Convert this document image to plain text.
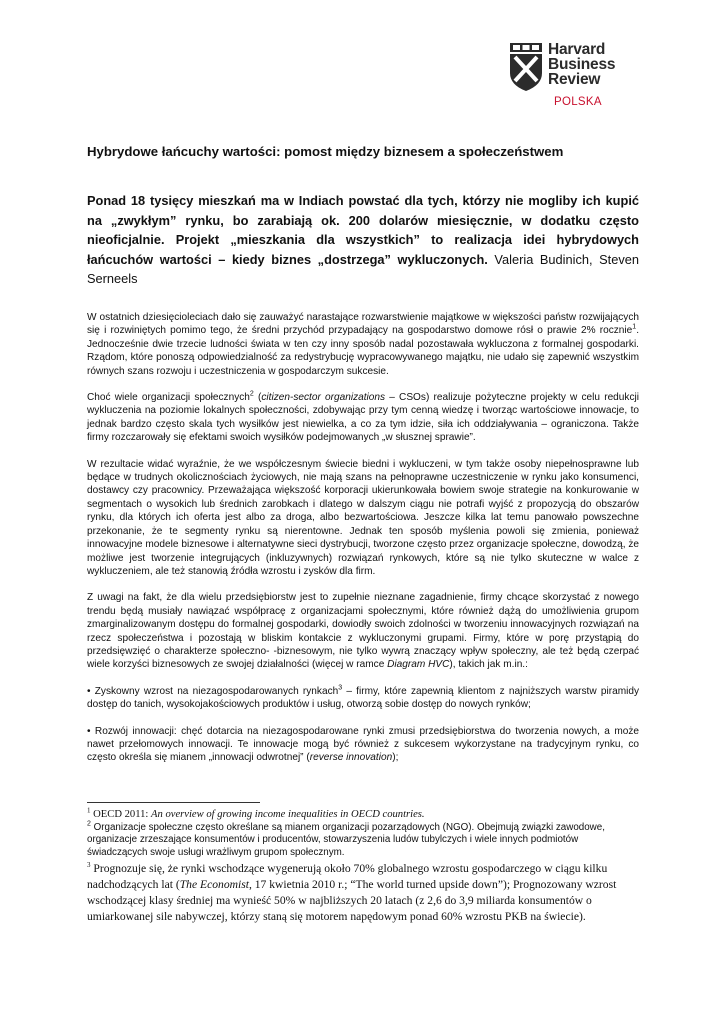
Harvard
Business
Review
POLSKA
Hybrydowe łańcuchy wartości: pomost między biznesem a społeczeństwem
Ponad 18 tysięcy mieszkań ma w Indiach powstać dla tych, którzy nie mogliby ich kupić na „zwykłym” rynku, bo zarabiają ok. 200 dolarów miesięcznie, w dodatku często nieoficjalnie. Projekt „mieszkania dla wszystkich” to realizacja idei hybrydowych łańcuchów wartości – kiedy biznes „dostrzega” wykluczonych. Valeria Budinich, Steven Serneels

W ostatnich dziesięcioleciach dało się zauważyć narastające rozwarstwienie majątkowe w większości państw rozwijających się i rozwiniętych pomimo tego, że średni przychód przypadający na gospodarstwo domowe rósł o prawie 2% rocznie$^1$. Jednocześnie dwie trzecie ludności świata w ten czy inny sposób nadal pozostawała wykluczona z formalnej gospodarki. Rządom, które ponoszą odpowiedzialność za redystrybucję wypracowywanego majątku, nie udało się zapewnić wszystkim równych szans rozwoju i uczestniczenia w gospodarczym sukcesie.

Choć wiele organizacji społecznych$^2$ (citizen-sector organizations – CSOs) realizuje pożyteczne projekty w celu redukcji wykluczenia na poziomie lokalnych społeczności, zdobywając przy tym cenną wiedzę i tworząc wartościowe innowacje, to jednak bardzo często skala tych wysiłków jest niewielka, a co za tym idzie, siła ich oddziaływania – ograniczona. Także firmy rozczarowały się efektami swoich wysiłków podejmowanych „w słusznej sprawie”.

W rezultacie widać wyraźnie, że we współczesnym świecie biedni i wykluczeni, w tym także osoby niepełnosprawne lub będące w trudnych okolicznościach życiowych, nie mają szans na pełnoprawne uczestniczenie w rynku jako konsumenci, dostawcy czy pracownicy. Przeważająca większość korporacji ukierunkowała bowiem swoje strategie na konkurowanie w segmentach o wysokich lub średnich zarobkach i dlatego w dalszym ciągu nie potrafi wyjść z propozycją do obszarów rynku, dla których ich oferta jest albo za droga, albo bezwartościowa. Jeszcze kilka lat temu panowało powszechne przekonanie, że te segmenty rynku są nierentowne. Jednak ten sposób myślenia powoli się zmienia, ponieważ innowacyjne modele biznesowe i alternatywne sieci dystrybucji, tworzone często przez organizacje społeczne, dowodzą, że możliwe jest tworzenie integrujących (inkluzywnych) rozwiązań rynkowych, które są nie tylko skuteczne w walce z wykluczeniem, ale też stanowią źródła wzrostu i zysków dla firm.

Z uwagi na fakt, że dla wielu przedsiębiorstw jest to zupełnie nieznane zagadnienie, firmy chcące skorzystać z nowego trendu będą musiały nawiązać współpracę z organizacjami społecznymi, które również dążą do umożliwienia grupom zmarginalizowanym dostępu do formalnej gospodarki, dowiodły swoich zdolności w tworzeniu innowacyjnych rozwiązań na rzecz społeczeństwa i pozostają w bliskim kontakcie z wykluczonymi grupami. Firmy, które w porę przystąpią do przedsięwzięć o charakterze społeczno- -biznesowym, nie tylko wywrą znaczący wpływ społeczny, ale też będą czerpać wiele korzyści biznesowych ze swojej działalności (więcej w ramce Diagram HVC), takich jak m.in.:

• Zyskowny wzrost na niezagospodarowanych rynkach$^3$ – firmy, które zapewnią klientom z najniższych warstw piramidy dostęp do tanich, wysokojakościowych produktów i usług, otworzą sobie dostęp do nowych rynków;

• Rozwój innowacji: chęć dotarcia na niezagospodarowane rynki zmusi przedsiębiorstwa do tworzenia nowych, a może nawet przełomowych innowacji. Te innowacje mogą być również z sukcesem wykorzystane na tradycyjnym rynku, co często określa się mianem „innowacji odwrotnej” (reverse innovation);

$^1$ OECD 2011: An overview of growing income inequalities in OECD countries.

$^2$ Organizacje społeczne często określane są mianem organizacji pozarządowych (NGO). Obejmują związki zawodowe, organizacje zrzeszające konsumentów i producentów, stowarzyszenia ludów tubylczych i wiele innych podmiotów świadczących swoje usługi wrażliwym grupom społecznym.

$^3$ Prognozuje się, że rynki wschodzące wygenerują około 70% globalnego wzrostu gospodarczego w ciągu kilku nadchodzących lat (The Economist, 17 kwietnia 2010 r.; “The world turned upside down”); Prognozowany wzrost wschodzącej klasy średniej ma wynieść 50% w najbliższych 20 latach (z 2,6 do 3,9 miliarda konsumentów o umiarkowanej sile nabywczej, którzy staną się motorem napędowym ponad 60% wzrostu PKB na świecie).
